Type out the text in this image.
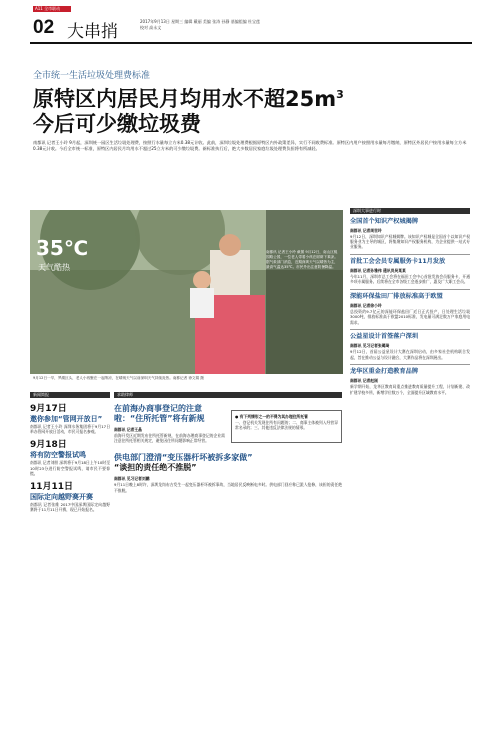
A11 全市联动·2017
02 大串捎
2017年9月13日 星期三 编辑 戴丽 美编 张涛 孙静 基编组编 杜宝莲 校对 高永文
全市统一生活垃圾处理费标准
原特区内居民月均用水不超$25m^3$
今后可少缴垃圾费
南都讯 记者王小玲 9月起，深圳统一园区生活垃圾处理费，按照行水量每立方米0.38元计收。此前，深圳垃圾处理费根据原特区内外政策差异，实行不同收费标准。原特区内用户按照用水量每月缴纳，原特区外居民户按用水量每立方米0.38元计收。今后全市统一标准，原特区内居民月均用水不超过25立方米的可少缴垃圾费。新标准执行后，绝大多数居民家庭垃圾处理费负担将有所减轻。
35℃
天气酷热
南都讯 记者王小玲 截图 9月12日，南山区桃园路公园，一位老人带着小孩在树荫下乘凉。据气象部门消息，近期深圳天气以晴热为主，最高气温达35℃。市民外出注意防暑降温。
9月12日一早，罗湖区头，老人小孩聚在一起纳凉，在晴朗天气以前深圳天气持续炎热。南都记者 徐文娟 摄
深圳大事进行时
全国首个知识产权城揭牌
南都讯 记者周世玲
9月12日，深圳知识产权城揭牌。该知识产权城是全国首个以知识产权服务业为主导的城区，将集聚知识产权服务机构，为企业提供一站式专业服务。
首批工会会员专属服务卡11月发放
南都讯 记者孙雅伟 通讯员吴某某
今年11月，深圳市总工会将在福田工会中心首批发放会员服务卡，开通多项专属服务。后续将在全市各级工会逐步推广，惠及广大职工会员。
深能环保盐田厂排放标准高于欧盟
南都讯 记者徐小玲
总投资约9.7亿元的深能环保盐田厂近日正式投产，日处理生活垃圾3000吨，排放标准高于欧盟2010标准，发电量可满足数万户家庭用电需求。
公益星设计首签落户深圳
南都讯 见习记者张璐琦
9月12日，首届公益星设计大赛在深圳启动，由多家社会机构联合发起，旨在推动公益与设计融合，大赛作品将在深圳展出。
龙华区重金打造教育品牌
南都讯 记者赵刚
新学期开始，龙华区教育局重点推进教育质量提升工程，计划新建、改扩建学校多所，新增学位数万个，全面提升区域教育水平。
新闻简报
9月17日
邀你参加“管网开放日”
南都讯 记者王小玲 深圳水务集团将于9月17日举办管网开放日活动，市民可报名参观。
9月18日
将有防空警报试鸣
南都讯 记者刘朋 深圳将于9月18日上午10时至10时23分进行防空警报试鸣，请市民不要惊慌。
11月11日
国际定向越野赛开赛
南都讯 记者张维 2017中国深圳国际定向越野赛将于11月11日开赛，现已开始报名。
求助律师
在前海办商事登记的注意啦：“住所托管”将有新规
南都讯 记者王晶
前海开发区近期发布住所托管新规，在前海办理商事登记的企业需注意住所托管相关规定，避免因住所问题影响正常经营。
● 有下列情形之一的不得为其办理住所托管
一、登记机关发现住所有问题的；二、商事主体被列入经营异常名录的；三、其他违反法律法规的情形。
供电部门澄清“变压器杆坏被拆多家做”
“谈担的责任绝不推脱”
南都讯 见习记者刘鹏
9月11日晚上8时许，深圳龙岗布吉发生一起变压器杆坏被拆事故，当地居民反映断电多时。供电部门回应称已派人抢修，该担的责任绝不推脱。
